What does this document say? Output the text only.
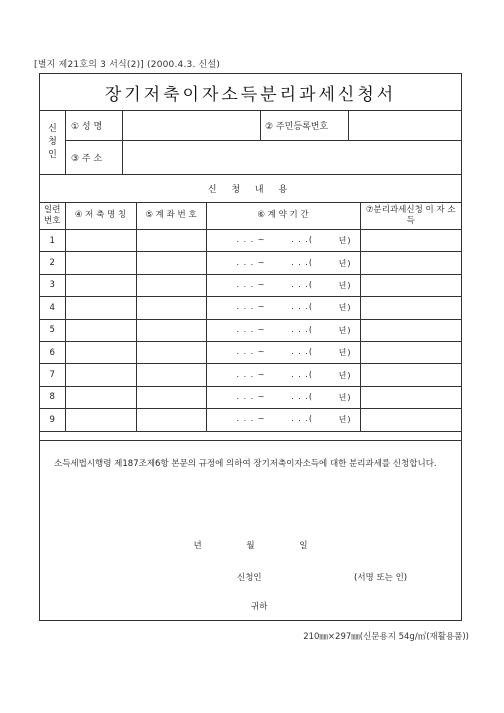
[별지 제21호의 3 서식(2)] (2000.4.3. 신설)
장기저축이자소득분리과세신청서
신
청
인
① 성 명	② 주민등록번호
③ 주 소
신 청 내 용
일련 번호	④ 저 축 명 칭	⑤ 계 좌 번 호	⑥ 계 약 기 간	⑦분리과세신청 이 자 소 득
1			. . . ~ . . .( 년)	

2			. . . ~ . . .( 년)	

3			. . . ~ . . .( 년)	

4			. . . ~ . . .( 년)	

5			. . . ~ . . .( 년)	

6			. . . ~ . . .( 년)	

7			. . . ~ . . .( 년)	

8			. . . ~ . . .( 년)	

9			. . . ~ . . .( 년)	

소득세법시행령 제187조제6항 본문의 규정에 의하여 장기저축이자소득에 대한 분리과세를 신청합니다.
년	월	일
신청인	(서명 또는 인)
귀하
210㎜×297㎜(신문용지 54g/㎡(재활용품))
